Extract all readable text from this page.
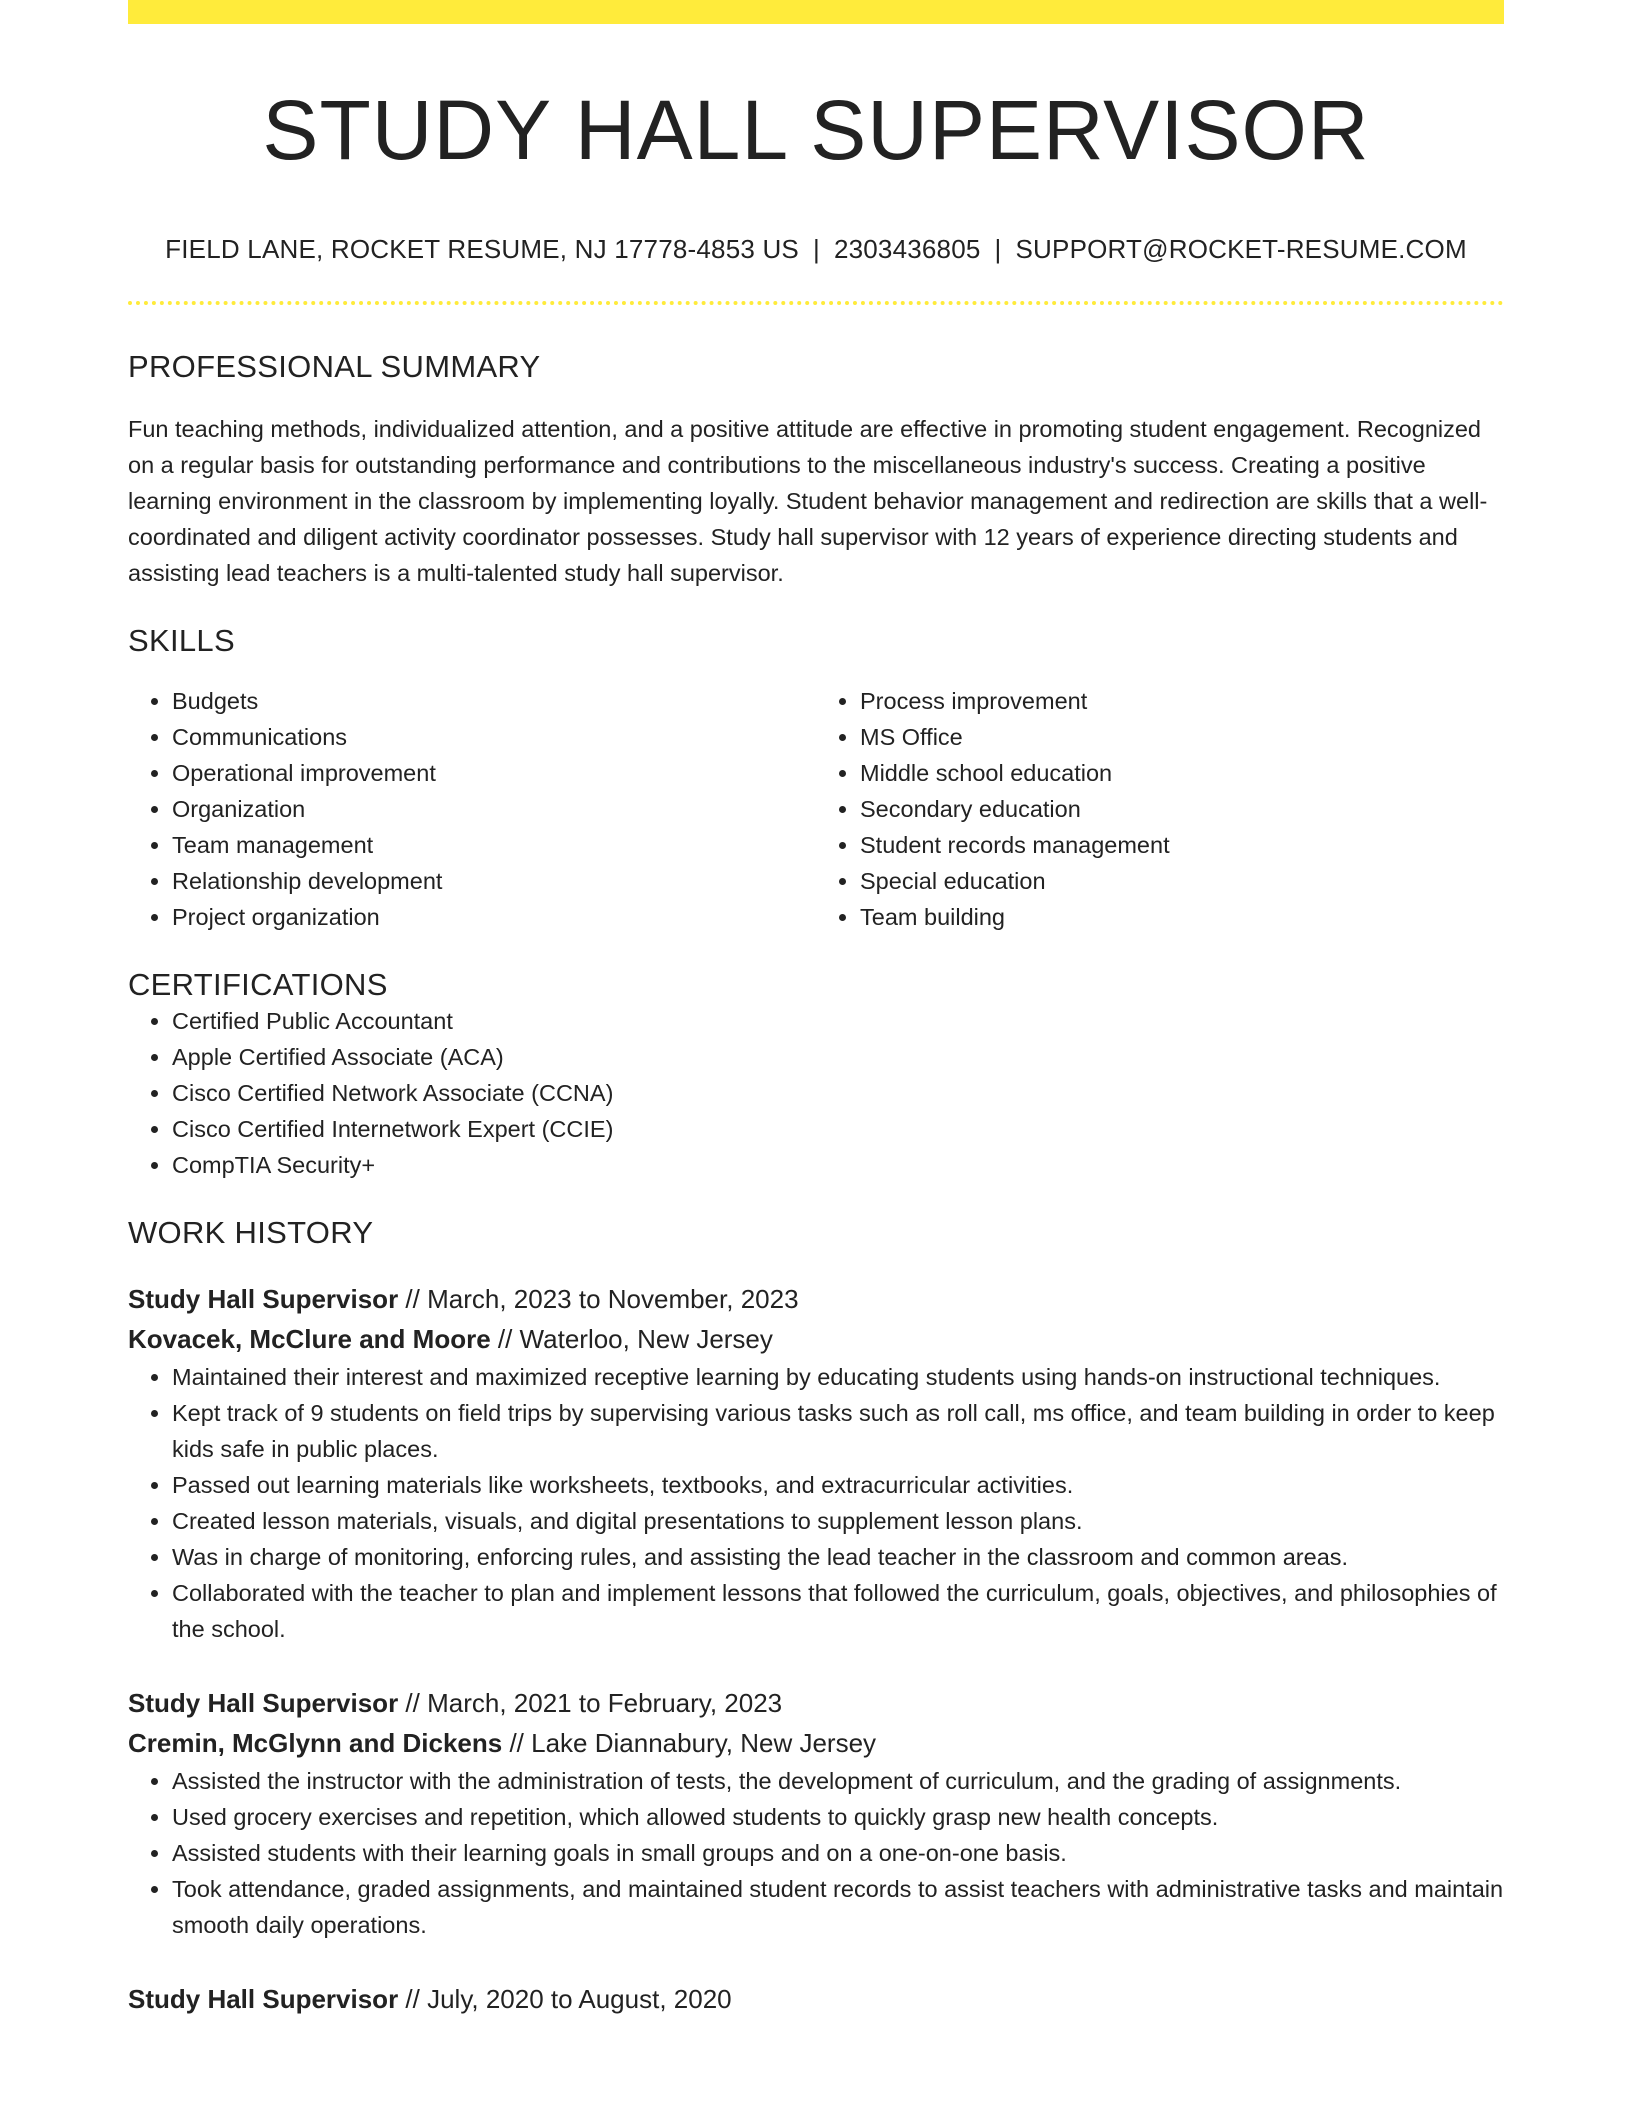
STUDY HALL SUPERVISOR
FIELD LANE, ROCKET RESUME, NJ 17778-4853 US | 2303436805 | SUPPORT@ROCKET-RESUME.COM
PROFESSIONAL SUMMARY

Fun teaching methods, individualized attention, and a positive attitude are effective in promoting student engagement. Recognized on a regular basis for outstanding performance and contributions to the miscellaneous industry's success. Creating a positive learning environment in the classroom by implementing loyally. Student behavior management and redirection are skills that a well-coordinated and diligent activity coordinator possesses. Study hall supervisor with 12 years of experience directing students and assisting lead teachers is a multi-talented study hall supervisor.

SKILLS
• Budgets
• Communications
• Operational improvement
• Organization
• Team management
• Relationship development
• Project organization
• Process improvement
• MS Office
• Middle school education
• Secondary education
• Student records management
• Special education
• Team building
CERTIFICATIONS
• Certified Public Accountant
• Apple Certified Associate (ACA)
• Cisco Certified Network Associate (CCNA)
• Cisco Certified Internetwork Expert (CCIE)
• CompTIA Security+
WORK HISTORY
Study Hall Supervisor // March, 2023 to November, 2023
Kovacek, McClure and Moore // Waterloo, New Jersey
• Maintained their interest and maximized receptive learning by educating students using hands-on instructional techniques.
• Kept track of 9 students on field trips by supervising various tasks such as roll call, ms office, and team building in order to keep kids safe in public places.
• Passed out learning materials like worksheets, textbooks, and extracurricular activities.
• Created lesson materials, visuals, and digital presentations to supplement lesson plans.
• Was in charge of monitoring, enforcing rules, and assisting the lead teacher in the classroom and common areas.
• Collaborated with the teacher to plan and implement lessons that followed the curriculum, goals, objectives, and philosophies of the school.
Study Hall Supervisor // March, 2021 to February, 2023
Cremin, McGlynn and Dickens // Lake Diannabury, New Jersey
• Assisted the instructor with the administration of tests, the development of curriculum, and the grading of assignments.
• Used grocery exercises and repetition, which allowed students to quickly grasp new health concepts.
• Assisted students with their learning goals in small groups and on a one-on-one basis.
• Took attendance, graded assignments, and maintained student records to assist teachers with administrative tasks and maintain smooth daily operations.
Study Hall Supervisor // July, 2020 to August, 2020
